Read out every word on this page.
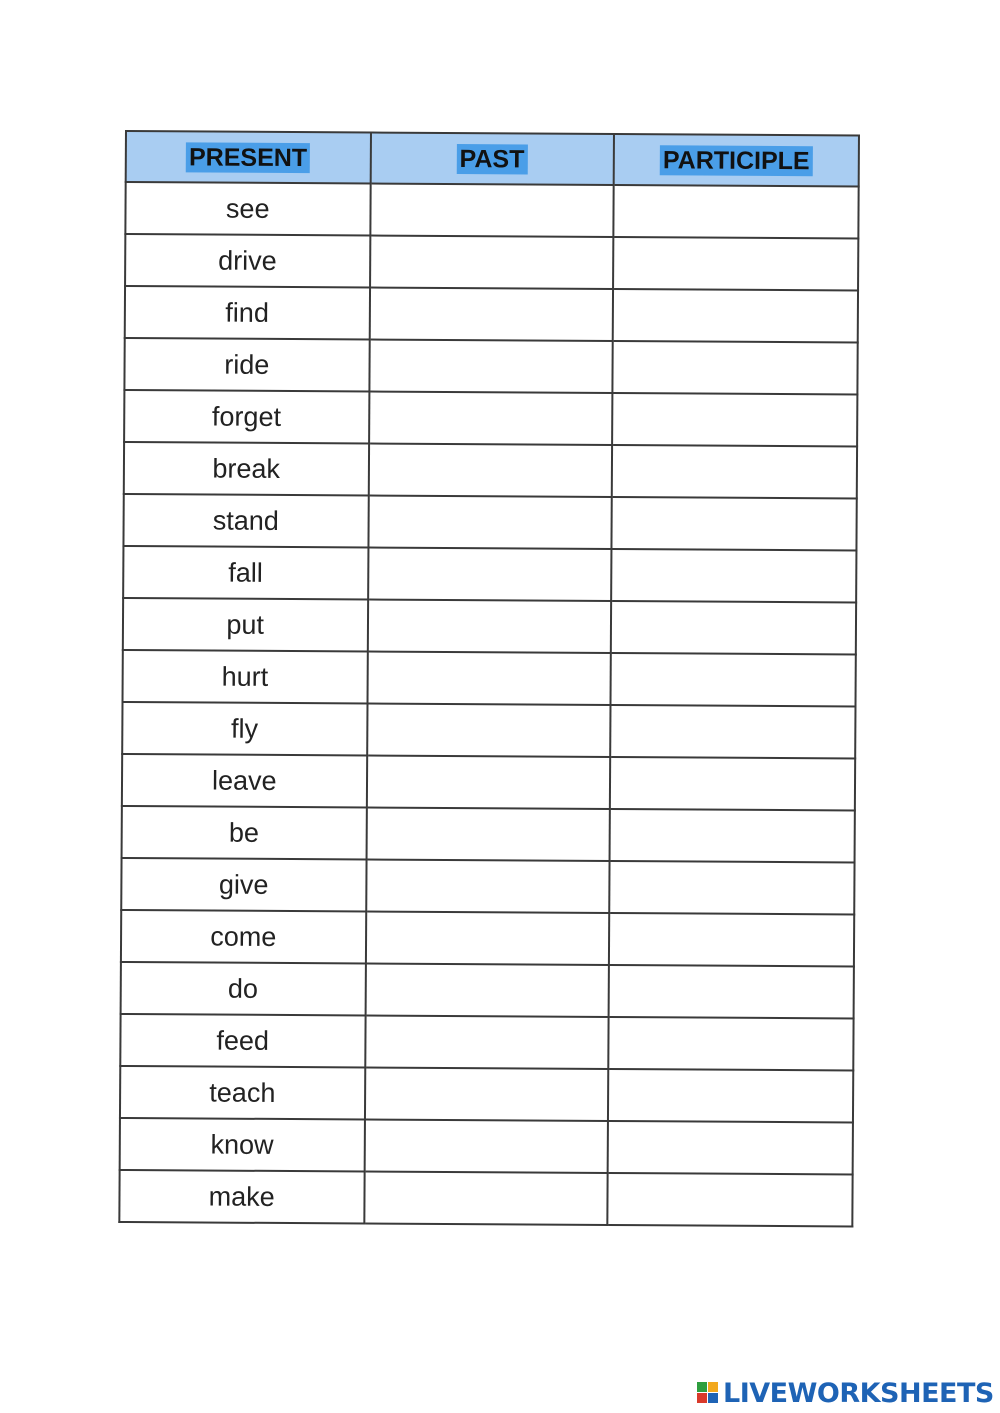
PRESENT	PAST	PARTICIPLE
see		
drive		
find		
ride		
forget		
break		
stand		
fall		
put		
hurt		
fly		
leave		
be		
give		
come		
do		
feed		
teach		
know		
make		
LIVEWORKSHEETS
